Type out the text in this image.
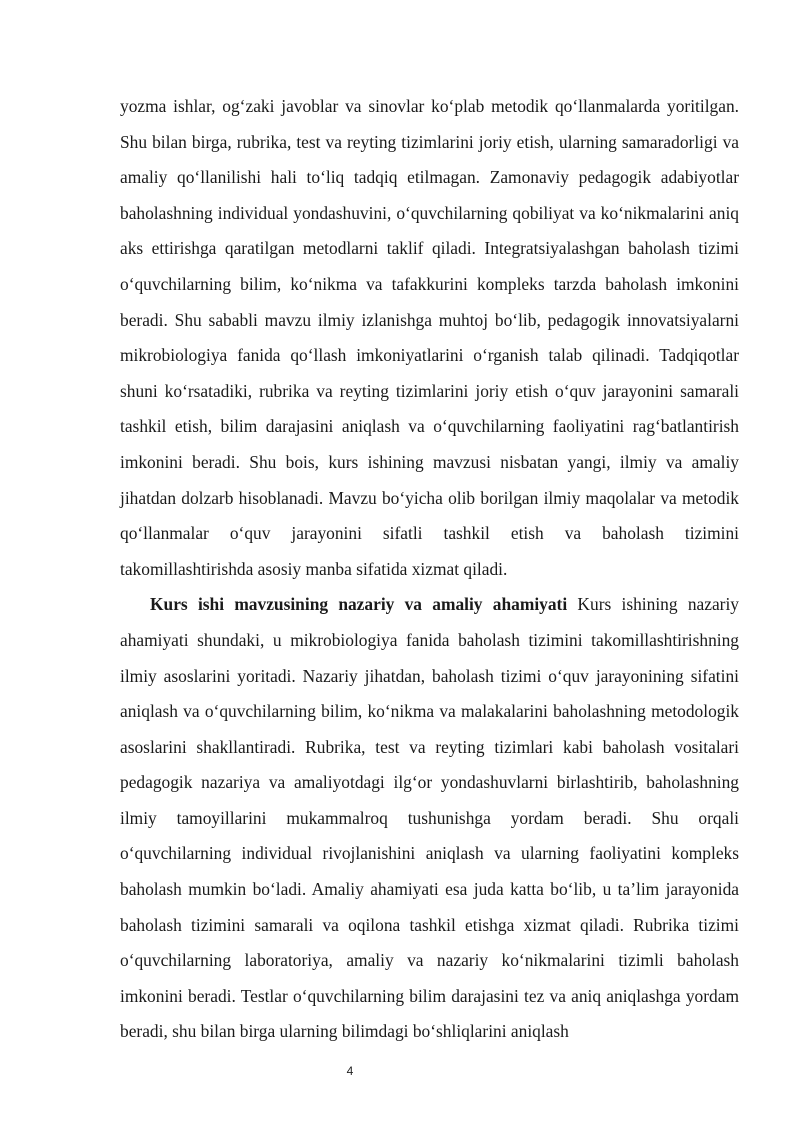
yozma ishlar, og‘zaki javoblar va sinovlar ko‘plab metodik qo‘llanmalarda yoritilgan. Shu bilan birga, rubrika, test va reyting tizimlarini joriy etish, ularning samaradorligi va amaliy qo‘llanilishi hali to‘liq tadqiq etilmagan. Zamonaviy pedagogik adabiyotlar baholashning individual yondashuvini, o‘quvchilarning qobiliyat va ko‘nikmalarini aniq aks ettirishga qaratilgan metodlarni taklif qiladi. Integratsiyalashgan baholash tizimi o‘quvchilarning bilim, ko‘nikma va tafakkurini kompleks tarzda baholash imkonini beradi. Shu sababli mavzu ilmiy izlanishga muhtoj bo‘lib, pedagogik innovatsiyalarni mikrobiologiya fanida qo‘llash imkoniyatlarini o‘rganish talab qilinadi. Tadqiqotlar shuni ko‘rsatadiki, rubrika va reyting tizimlarini joriy etish o‘quv jarayonini samarali tashkil etish, bilim darajasini aniqlash va o‘quvchilarning faoliyatini rag‘batlantirish imkonini beradi. Shu bois, kurs ishining mavzusi nisbatan yangi, ilmiy va amaliy jihatdan dolzarb hisoblanadi. Mavzu bo‘yicha olib borilgan ilmiy maqolalar va metodik qo‘llanmalar o‘quv jarayonini sifatli tashkil etish va baholash tizimini takomillashtirishda asosiy manba sifatida xizmat qiladi.

Kurs ishi mavzusining nazariy va amaliy ahamiyati Kurs ishining nazariy ahamiyati shundaki, u mikrobiologiya fanida baholash tizimini takomillashtirishning ilmiy asoslarini yoritadi. Nazariy jihatdan, baholash tizimi o‘quv jarayonining sifatini aniqlash va o‘quvchilarning bilim, ko‘nikma va malakalarini baholashning metodologik asoslarini shakllantiradi. Rubrika, test va reyting tizimlari kabi baholash vositalari pedagogik nazariya va amaliyotdagi ilg‘or yondashuvlarni birlashtirib, baholashning ilmiy tamoyillarini mukammalroq tushunishga yordam beradi. Shu orqali o‘quvchilarning individual rivojlanishini aniqlash va ularning faoliyatini kompleks baholash mumkin bo‘ladi. Amaliy ahamiyati esa juda katta bo‘lib, u ta’lim jarayonida baholash tizimini samarali va oqilona tashkil etishga xizmat qiladi. Rubrika tizimi o‘quvchilarning laboratoriya, amaliy va nazariy ko‘nikmalarini tizimli baholash imkonini beradi. Testlar o‘quvchilarning bilim darajasini tez va aniq aniqlashga yordam beradi, shu bilan birga ularning bilimdagi bo‘shliqlarini aniqlash

4
